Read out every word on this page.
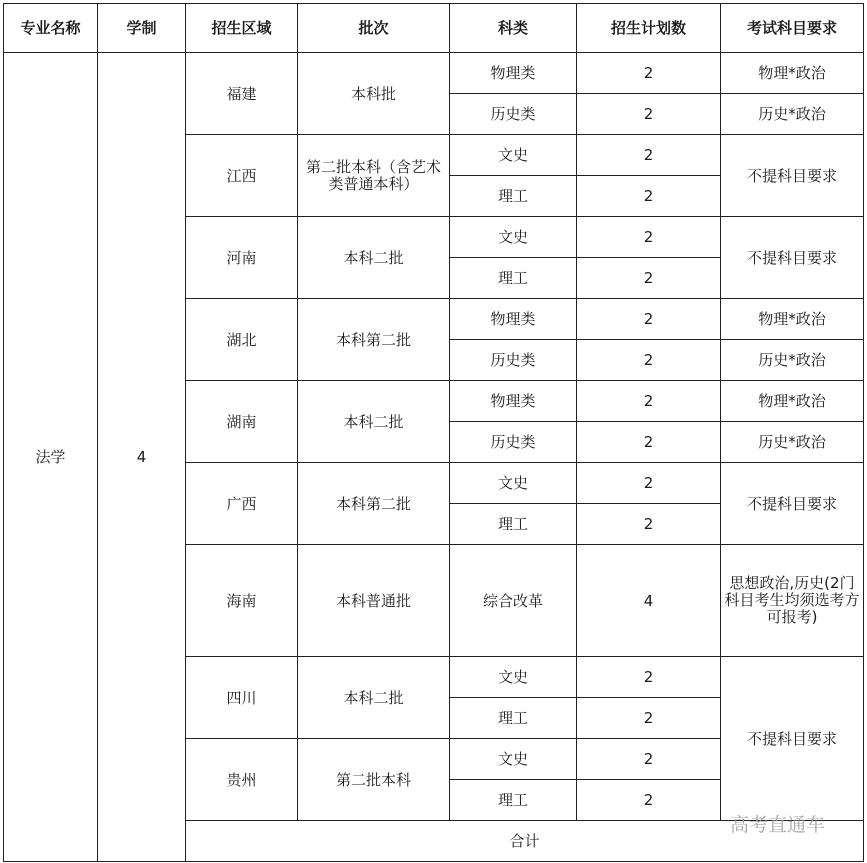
专业名称	学制	招生区域	批次	科类	招生计划数	考试科目要求	
法学	4	福建	本科批	物理类	2	物理*政治	
				历史类	2	历史*政治	
		江西	第二批本科（含艺术类普通本科）	文史	2	不提科目要求	
				理工	2		
		河南	本科二批	文史	2	不提科目要求	
				理工	2		
		湖北	本科第二批	物理类	2	物理*政治	
				历史类	2	历史*政治	
		湖南	本科二批	物理类	2	物理*政治	
				历史类	2	历史*政治	
		广西	本科第二批	文史	2	不提科目要求	
				理工	2		
		海南	本科普通批	综合改革	4	思想政治,历史(2门科目考生均须选考方可报考)	
		四川	本科二批	文史	2	不提科目要求	
				理工	2		
		贵州	第二批本科	文史	2		
				理工	2		
		合计		
高考直通车
